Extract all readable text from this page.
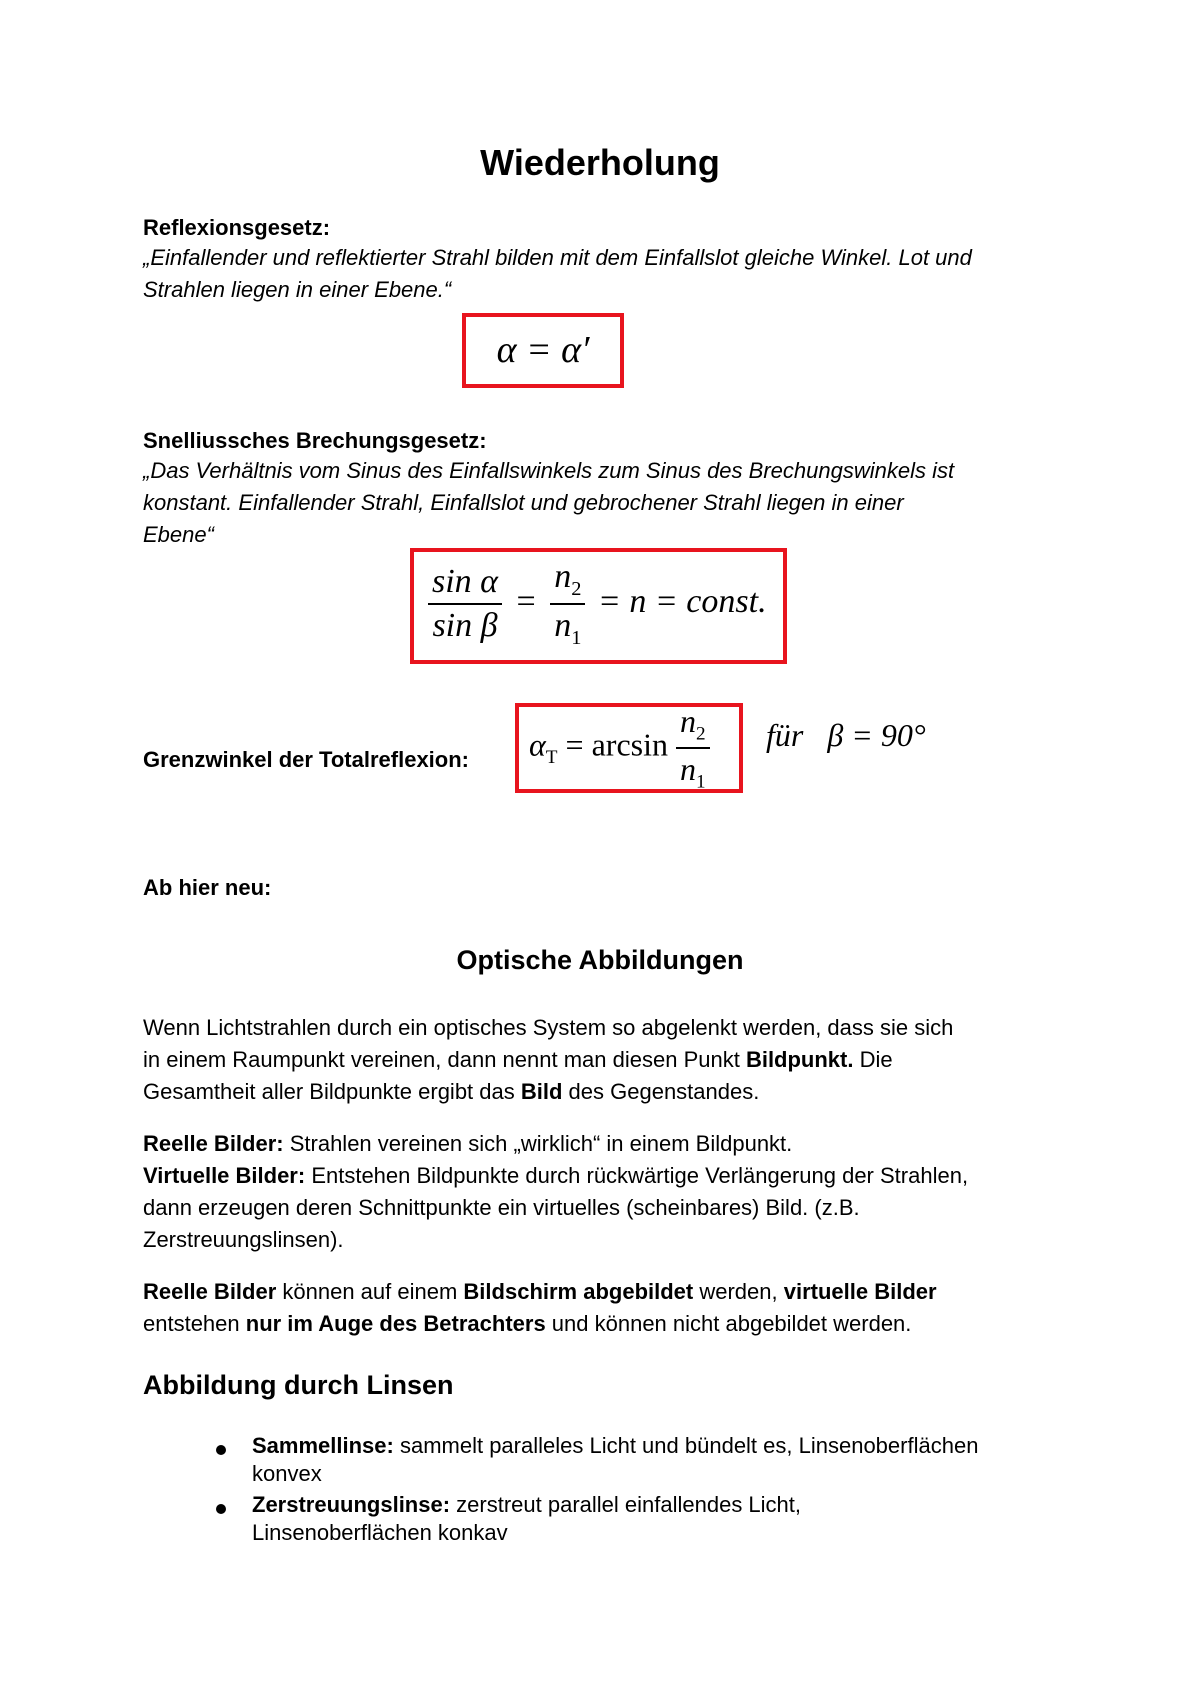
Wiederholung
Reflexionsgesetz:
„Einfallender und reflektierter Strahl bilden mit dem Einfallslot gleiche Winkel. Lot und
Strahlen liegen in einer Ebene.“
α = α′
Snelliussches Brechungsgesetz:
„Das Verhältnis vom Sinus des Einfallswinkels zum Sinus des Brechungswinkels ist
konstant. Einfallender Strahl, Einfallslot und gebrochener Strahl liegen in einer
Ebene“
$\frac{\text{sin α}}{\text{sin β}} = \frac{n_2}{n_1} = n$ = const.
Grenzwinkel der Totalreflexion: $\alpha_T = \arcsin \frac{n_2}{n_1}$ für   β = 90°
Ab hier neu:
Optische Abbildungen
Wenn Lichtstrahlen durch ein optisches System so abgelenkt werden, dass sie sich
in einem Raumpunkt vereinen, dann nennt man diesen Punkt Bildpunkt. Die
Gesamtheit aller Bildpunkte ergibt das Bild des Gegenstandes.
Reelle Bilder: Strahlen vereinen sich „wirklich“ in einem Bildpunkt.
Virtuelle Bilder: Entstehen Bildpunkte durch rückwärtige Verlängerung der Strahlen,
dann erzeugen deren Schnittpunkte ein virtuelles (scheinbares) Bild. (z.B.
Zerstreuungslinsen).
Reelle Bilder können auf einem Bildschirm abgebildet werden, virtuelle Bilder
entstehen nur im Auge des Betrachters und können nicht abgebildet werden.
Abbildung durch Linsen
Sammellinse: sammelt paralleles Licht und bündelt es, Linsenoberflächen
konvex
Zerstreuungslinse: zerstreut parallel einfallendes Licht,
Linsenoberflächen konkav
